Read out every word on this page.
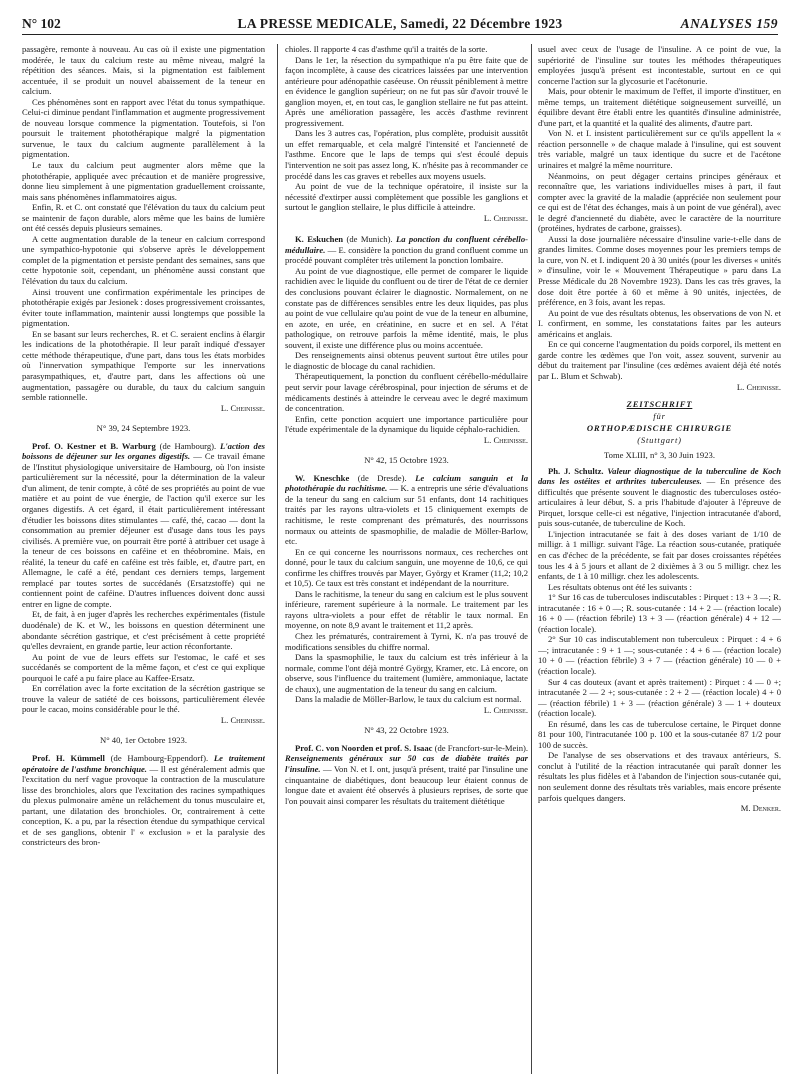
N° 102	LA PRESSE MEDICALE, Samedi, 22 Décembre 1923	ANALYSES 159

passagère, remonte à nouveau. Au cas où il existe une pigmentation modérée, le taux du calcium reste au même niveau, malgré la répétition des séances. Mais, si la pigmentation est faiblement accentuée, il se produit un nouvel abaissement de la teneur en calcium.

Ces phénomènes sont en rapport avec l'état du tonus sympathique. Celui-ci diminue pendant l'inflammation et augmente progressivement de nouveau lorsque commence la pigmentation. Toutefois, si l'on poursuit le traitement photothérapique malgré la pigmentation survenue, le taux du calcium augmente parallèlement à la pigmentation.

Le taux du calcium peut augmenter alors même que la photothérapie, appliquée avec précaution et de manière progressive, donne lieu simplement à une pigmentation graduellement croissante, mais sans phénomènes inflammatoires aigus.

Enfin, R. et C. ont constaté que l'élévation du taux du calcium peut se maintenir de façon durable, alors même que les bains de lumière ont été cessés depuis plusieurs semaines.

A cette augmentation durable de la teneur en calcium correspond une sympathico-hypotonie qui s'observe après le développement complet de la pigmentation et persiste pendant des semaines, sans que cette hypotonie soit, cependant, un phénomène aussi constant que l'élévation du taux du calcium.

Ainsi trouvent une confirmation expérimentale les principes de photothérapie exigés par Jesionek : doses progressivement croissantes, éviter toute inflammation, maintenir aussi longtemps que possible la pigmentation.

En se basant sur leurs recherches, R. et C. seraient enclins à élargir les indications de la photothérapie. Il leur paraît indiqué d'essayer cette méthode thérapeutique, d'une part, dans tous les états morbides où l'innervation sympathique l'emporte sur les innervations parasympathiques, et, d'autre part, dans les affections où une augmentation, passagère ou durable, du taux du calcium sanguin semble rationnelle.

L. Cheinisse.
N° 39, 24 Septembre 1923.

Prof. O. Kestner et B. Warburg (de Hambourg). L'action des boissons de déjeuner sur les organes digestifs. — Ce travail émane de l'Institut physiologique universitaire de Hambourg, où l'on insiste particulièrement sur la nécessité, pour la détermination de la valeur d'un aliment, de tenir compte, à côté de ses propriétés au point de vue matière et au point de vue énergie, de l'action qu'il exerce sur les organes digestifs. A cet égard, il était particulièrement intéressant d'étudier les boissons dites stimulantes — café, thé, cacao — dont la consommation au premier déjeuner est d'usage dans tous les pays civilisés. A première vue, on pourrait être porté à attribuer cet usage à la teneur de ces boissons en caféine et en théobromine. Mais, en réalité, la teneur du café en caféine est très faible, et, d'autre part, en Allemagne, le café a été, pendant ces derniers temps, largement remplacé par toutes sortes de succédanés (Ersatzstoffe) qui ne contiennent point de caféine. D'autres influences doivent donc aussi entrer en ligne de compte.

Et, de fait, à en juger d'après les recherches expérimentales (fistule duodénale) de K. et W., les boissons en question déterminent une abondante sécrétion gastrique, et c'est précisément à cette propriété qu'elles devraient, en grande partie, leur action réconfortante.

Au point de vue de leurs effets sur l'estomac, le café et ses succédanés se comportent de la même façon, et c'est ce qui explique pourquoi le café a pu faire place au Kaffee-Ersatz.

En corrélation avec la forte excitation de la sécrétion gastrique se trouve la valeur de satiété de ces boissons, particulièrement élevée pour le cacao, moins considérable pour le thé.

L. Cheinisse.
N° 40, 1er Octobre 1923.

Prof. H. Kümmell (de Hambourg-Eppendorf). Le traitement opératoire de l'asthme bronchique. — Il est généralement admis que l'excitation du nerf vague provoque la contraction de la musculature lisse des bronchioles, alors que l'excitation des racines sympathiques du plexus pulmonaire amène un relâchement du tonus musculaire et, partant, une dilatation des bronchioles. Or, contrairement à cette conception, K. a pu, par la résection étendue du sympathique cervical et de ses ganglions, obtenir l' « exclusion » et la paralysie des constricteurs des bron-

chioles. Il rapporte 4 cas d'asthme qu'il a traités de la sorte.

Dans le 1er, la résection du sympathique n'a pu être faite que de façon incomplète, à cause des cicatrices laissées par une intervention antérieure pour adénopathie caséeuse. On réussit péniblement à mettre en évidence le ganglion supérieur; on ne fut pas sûr d'avoir trouvé le ganglion moyen, et, en tout cas, le ganglion stellaire ne fut pas atteint. Après une amélioration passagère, les accès d'asthme revinrent progressivement.

Dans les 3 autres cas, l'opération, plus complète, produisit aussitôt un effet remarquable, et cela malgré l'intensité et l'ancienneté de l'asthme. Encore que le laps de temps qui s'est écoulé depuis l'intervention ne soit pas assez long, K. n'hésite pas à recommander ce procédé dans les cas graves et rebelles aux moyens usuels.

Au point de vue de la technique opératoire, il insiste sur la nécessité d'extirper aussi complètement que possible les ganglions et surtout le ganglion stellaire, le plus difficile à atteindre.

L. Cheinisse.

K. Eskuchen (de Munich). La ponction du confluent cérébello-médullaire. — E. considère la ponction du grand confluent comme un procédé pouvant compléter très utilement la ponction lombaire.

Au point de vue diagnostique, elle permet de comparer le liquide rachidien avec le liquide du confluent ou de tirer de l'état de ce dernier des conclusions pouvant éclairer le diagnostic. Normalement, on ne constate pas de différences sensibles entre les deux liquides, pas plus au point de vue cellulaire qu'au point de vue de la teneur en albumine, en azote, en urée, en créatinine, en sucre et en sel. A l'état pathologique, on retrouve parfois la même identité, mais, le plus souvent, il existe une différence plus ou moins accentuée.

Des renseignements ainsi obtenus peuvent surtout être utiles pour le diagnostic de blocage du canal rachidien.

Thérapeutiquement, la ponction du confluent cérébello-médullaire peut servir pour lavage cérébrospinal, pour injection de sérums et de médicaments destinés à atteindre le cerveau avec le degré maximum de concentration.

Enfin, cette ponction acquiert une importance particulière pour l'étude expérimentale de la dynamique du liquide céphalo-rachidien.

L. Cheinisse.
N° 42, 15 Octobre 1923.

W. Kneschke (de Dresde). Le calcium sanguin et la photothérapie du rachitisme. — K. a entrepris une série d'évaluations de la teneur du sang en calcium sur 51 enfants, dont 14 rachitiques traités par les rayons ultra-violets et 15 cliniquement exempts de rachitisme, le reste comprenant des prématurés, des nourrissons normaux ou atteints de spasmophilie, de maladie de Möller-Barlow, etc.

En ce qui concerne les nourrissons normaux, ces recherches ont donné, pour le taux du calcium sanguin, une moyenne de 10,6, ce qui confirme les chiffres trouvés par Mayer, Györgу et Kramer (11,2; 10,2 et 10,5). Ce taux est très constant et indépendant de la nourriture.

Dans le rachitisme, la teneur du sang en calcium est le plus souvent inférieure, rarement supérieure à la normale. Le traitement par les rayons ultra-violets a pour effet de rétablir le taux normal. En moyenne, on note 8,9 avant le traitement et 11,2 après.

Chez les prématurés, contrairement à Tyrni, K. n'a pas trouvé de modifications sensibles du chiffre normal.

Dans la spasmophilie, le taux du calcium est très inférieur à la normale, comme l'ont déjà montré Györgу, Kramer, etc. Là encore, on observe, sous l'influence du traitement (lumière, ammoniaque, lactate de chaux), une augmentation de la teneur du sang en calcium.

Dans la maladie de Möller-Barlow, le taux du calcium est normal.

L. Cheinisse.
N° 43, 22 Octobre 1923.

Prof. C. von Noorden et prof. S. Isaac (de Francfort-sur-le-Mein). Renseignements généraux sur 50 cas de diabète traités par l'insuline. — Von N. et I. ont, jusqu'à présent, traité par l'insuline une cinquantaine de diabétiques, dont beaucoup leur étaient connus de longue date et avaient été observés à plusieurs reprises, de sorte que l'on pouvait ainsi comparer les résultats du traitement diététique

usuel avec ceux de l'usage de l'insuline. A ce point de vue, la supériorité de l'insuline sur toutes les méthodes thérapeutiques employées jusqu'à présent est incontestable, surtout en ce qui concerne l'action sur la glycosurie et l'acétonurie.

Mais, pour obtenir le maximum de l'effet, il importe d'instituer, en même temps, un traitement diététique soigneusement surveillé, un équilibre devant être établi entre les quantités d'insuline administrée, d'une part, et la quantité et la qualité des aliments, d'autre part.

Von N. et I. insistent particulièrement sur ce qu'ils appellent la « réaction personnelle » de chaque malade à l'insuline, qui est souvent très variable, malgré un taux identique du sucre et de l'acétone urinaires et malgré la même nourriture.

Néanmoins, on peut dégager certains principes généraux et reconnaître que, les variations individuelles mises à part, il faut compter avec la gravité de la maladie (appréciée non seulement pour ce qui est de l'état des échanges, mais à un point de vue général), avec le degré d'ancienneté du diabète, avec le caractère de la nourriture (protéines, hydrates de carbone, graisses).

Aussi la dose journalière nécessaire d'insuline varie-t-elle dans de grandes limites. Comme doses moyennes pour les premiers temps de la cure, von N. et I. indiquent 20 à 30 unités (pour les diverses « unités » d'insuline, voir le « Mouvement Thérapeutique » paru dans La Presse Médicale du 28 Novembre 1923). Dans les cas très graves, la dose doit être portée à 60 et même à 90 unités, injectées, de préférence, en 3 fois, avant les repas.

Au point de vue des résultats obtenus, les observations de von N. et I. confirment, en somme, les constatations faites par les auteurs américains et anglais.

En ce qui concerne l'augmentation du poids corporel, ils mettent en garde contre les œdèmes que l'on voit, assez souvent, survenir au début du traitement par l'insuline (ces œdèmes avaient déjà été notés par L. Blum et Schwab).

L. Cheinisse.
ZEITSCHRIFT
für
ORTHOPÆDISCHE CHIRURGIE
(Stuttgart)
Tome XLIII, n° 3, 30 Juin 1923.

Ph. J. Schultz. Valeur diagnostique de la tuberculine de Koch dans les ostéites et arthrites tuberculeuses. — En présence des difficultés que présente souvent le diagnostic des tuberculoses ostéo-articulaires à leur début, S. a pris l'habitude d'ajouter à l'épreuve de Pirquet, lorsque celle-ci est négative, l'injection intracutanée d'abord, puis sous-cutanée, de tuberculine de Koch.

L'injection intracutanée se fait à des doses variant de 1/10 de milligr. à 1 milligr. suivant l'âge. La réaction sous-cutanée, pratiquée en cas d'échec de la précédente, se fait par doses croissantes répétées tous les 4 à 5 jours et allant de 2 dixièmes à 3 ou 5 milligr. chez les enfants, de 1 à 10 milligr. chez les adolescents.

Les résultats obtenus ont été les suivants :

1° Sur 16 cas de tuberculoses indiscutables : Pirquet : 13 + 3 —; R. intracutanée : 16 + 0 —; R. sous-cutanée : 14 + 2 — (réaction locale) 16 + 0 — (réaction fébrile) 13 + 3 — (réaction générale) 4 + 12 — (réaction locale).

2° Sur 10 cas indiscutablement non tuberculeux : Pirquet : 4 + 6 —; intracutanée : 9 + 1 —; sous-cutanée : 4 + 6 — (réaction locale) 10 + 0 — (réaction fébrile) 3 + 7 — (réaction générale) 10 — 0 + (réaction locale).

Sur 4 cas douteux (avant et après traitement) : Pirquet : 4 — 0 +; intracutanée 2 — 2 +; sous-cutanée : 2 + 2 — (réaction locale) 4 + 0 — (réaction fébrile) 1 + 3 — (réaction générale) 3 — 1 + douteux (réaction locale).

En résumé, dans les cas de tuberculose certaine, le Pirquet donne 81 pour 100, l'intracutanée 100 p. 100 et la sous-cutanée 87 1/2 pour 100 de succès.

De l'analyse de ses observations et des travaux antérieurs, S. conclut à l'utilité de la réaction intracutanée qui paraît donner les résultats les plus fidèles et à l'abandon de l'injection sous-cutanée qui, non seulement donne des résultats très variables, mais encore présente parfois quelques dangers.

M. Denker.
